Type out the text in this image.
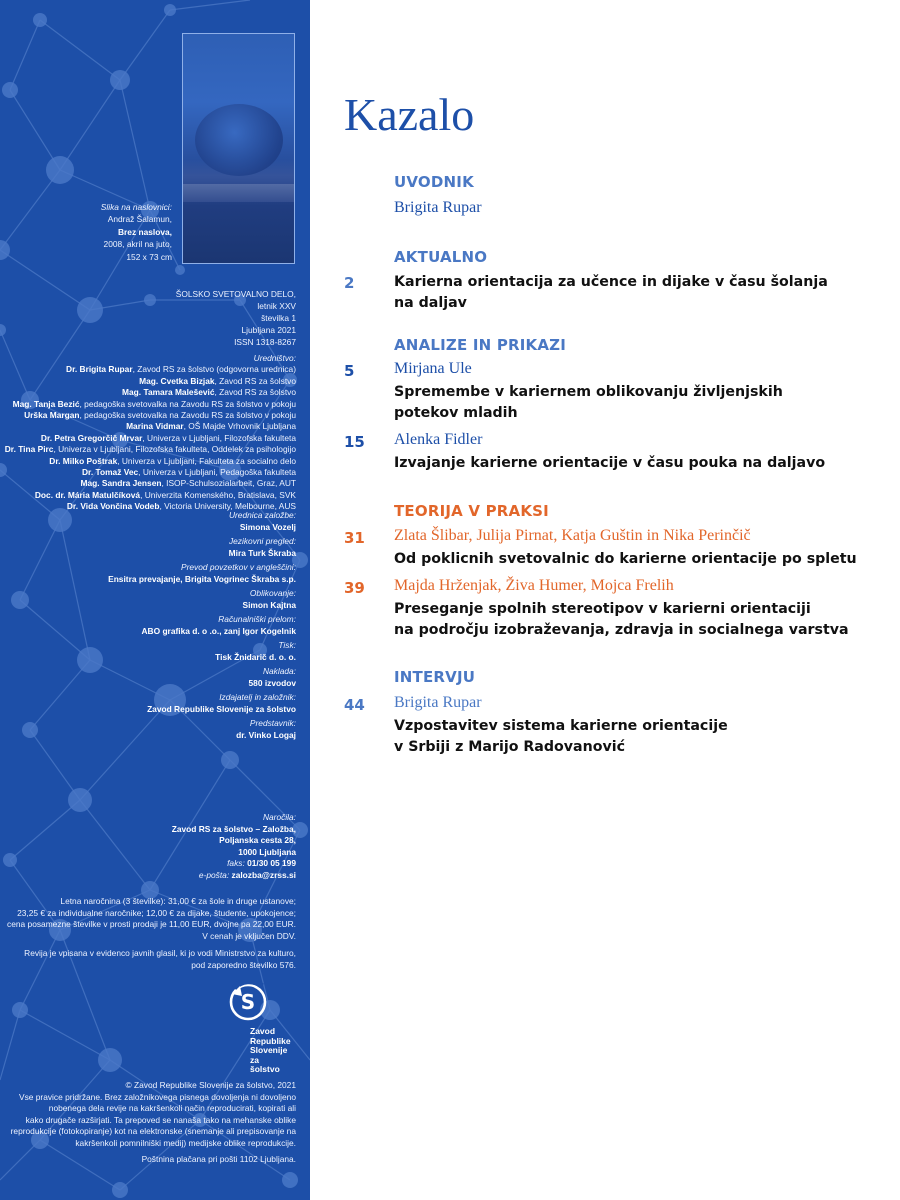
Slika na naslovnici:
Andraž Šalamun,
Brez naslova,
2008, akril na juto,
152 x 73 cm
ŠOLSKO SVETOVALNO DELO,
letnik XXV
številka 1
Ljubljana 2021
ISSN 1318-8267
Uredništvo:
Dr. Brigita Rupar, Zavod RS za šolstvo (odgovorna urednica)
Mag. Cvetka Bizjak, Zavod RS za šolstvo
Mag. Tamara Malešević, Zavod RS za šolstvo
Mag. Tanja Bezić, pedagoška svetovalka na Zavodu RS za šolstvo v pokoju
Urška Margan, pedagoška svetovalka na Zavodu RS za šolstvo v pokoju
Marina Vidmar, OŠ Majde Vrhovnik Ljubljana
Dr. Petra Gregorčič Mrvar, Univerza v Ljubljani, Filozofska fakulteta
Dr. Tina Pirc, Univerza v Ljubljani, Filozofska fakulteta, Oddelek za psihologijo
Dr. Milko Poštrak, Univerza v Ljubljani, Fakulteta za socialno delo
Dr. Tomaž Vec, Univerza v Ljubljani, Pedagoška fakulteta
Mag. Sandra Jensen, ISOP-Schulsozialarbeit, Graz, AUT
Doc. dr. Mária Matulčíková, Univerzita Komenského, Bratislava, SVK
Dr. Vida Vončina Vodeb, Victoria University, Melbourne, AUS
Urednica založbe:
Simona Vozelj
Jezikovni pregled:
Mira Turk Škraba
Prevod povzetkov v angleščini:
Ensitra prevajanje, Brigita Vogrinec Škraba s.p.
Oblikovanje:
Simon Kajtna
Računalniški prelom:
ABO grafika d. o .o., zanj Igor Kogelnik
Tisk:
Tisk Žnidarič d. o. o.
Naklada:
580 izvodov
Izdajatelj in založnik:
Zavod Republike Slovenije za šolstvo
Predstavnik:
dr. Vinko Logaj
Naročila:
Zavod RS za šolstvo – Založba,
Poljanska cesta 28,
1000 Ljubljana
faks: 01/30 05 199
e-pošta: zalozba@zrss.si
Letna naročnina (3 številke): 31,00 € za šole in druge ustanove;
23,25 € za individualne naročnike; 12,00 € za dijake, študente, upokojence;
cena posamezne številke v prosti prodaji je 11,00 EUR, dvojne pa 22,00 EUR.
V cenah je vključen DDV.
Revija je vpisana v evidenco javnih glasil, ki jo vodi Ministrstvo za kulturo,
pod zaporedno številko 576.
S
Zavod
Republike
Slovenije
za šolstvo
© Zavod Republike Slovenije za šolstvo, 2021
Vse pravice pridržane. Brez založnikovega pisnega dovoljenja ni dovoljeno
nobenega dela revije na kakršenkoli način reproducirati, kopirati ali
kako drugače razširjati. Ta prepoved se nanaša tako na mehanske oblike
reprodukcije (fotokopiranje) kot na elektronske (snemanje ali prepisovanje na
kakršenkoli pomnilniški medij) medijske oblike reprodukcije.
Poštnina plačana pri pošti 1102 Ljubljana.
Kazalo
UVODNIK
Brigita Rupar
AKTUALNO
2	Karierna orientacija za učence in dijake v času šolanja
na daljav
ANALIZE IN PRIKAZI
5 Mirjana Ule
Spremembe v kariernem oblikovanju življenjskih
potekov mladih
15 Alenka Fidler
Izvajanje karierne orientacije v času pouka na daljavo
TEORIJA V PRAKSI
31 Zlata Šlibar, Julija Pirnat, Katja Guštin in Nika Perinčič
Od poklicnih svetovalnic do karierne orientacije po spletu
39 Majda Hrženjak, Živa Humer, Mojca Frelih
Preseganje spolnih stereotipov v karierni orientaciji
na področju izobraževanja, zdravja in socialnega varstva
INTERVJU
44 Brigita Rupar
Vzpostavitev sistema karierne orientacije
v Srbiji z Marijo Radovanović
